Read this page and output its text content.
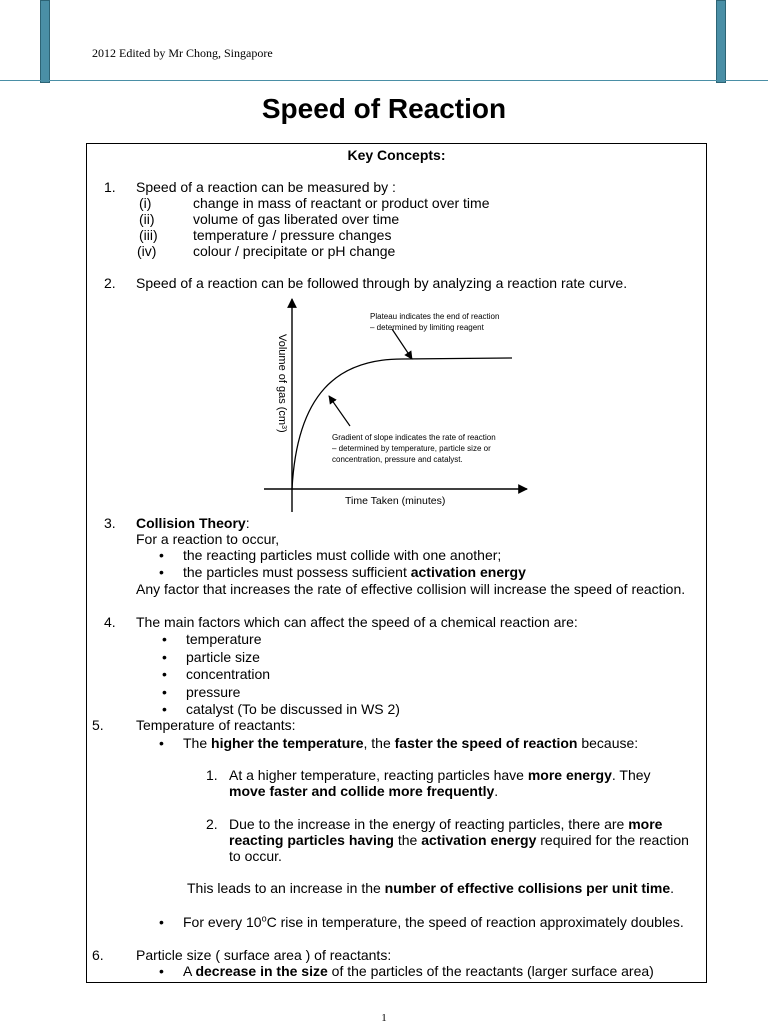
2012 Edited by Mr Chong, Singapore
Speed of Reaction
Key Concepts:
1. Speed of a reaction can be measured by :
(i)	change in mass of reactant or product over time
(ii)	volume of gas liberated over time
(iii)	temperature / pressure changes
(iv)	colour / precipitate or pH change
2. Speed of a reaction can be followed through by analyzing a reaction rate curve.
Volume of gas $(cm^3)$
Time Taken (minutes)
Plateau indicates the end of reaction
– determined by limiting reagent
Gradient of slope indicates the rate of reaction
– determined by temperature, particle size or
concentration, pressure and catalyst.
3. Collision Theory:
For a reaction to occur,
• the reacting particles must collide with one another;
• the particles must possess sufficient activation energy
Any factor that increases the rate of effective collision will increase the speed of reaction.
4. The main factors which can affect the speed of a chemical reaction are:
• temperature
• particle size
• concentration
• pressure
• catalyst (To be discussed in WS 2)
5. Temperature of reactants:
• The higher the temperature, the faster the speed of reaction because:
1. At a higher temperature, reacting particles have more energy. They
move faster and collide more frequently.
2. Due to the increase in the energy of reacting particles, there are more
reacting particles having the activation energy required for the reaction
to occur.
This leads to an increase in the number of effective collisions per unit time.
• For every 10$^o$C rise in temperature, the speed of reaction approximately doubles.
6. Particle size ( surface area ) of reactants:
• A decrease in the size of the particles of the reactants (larger surface area)
1
